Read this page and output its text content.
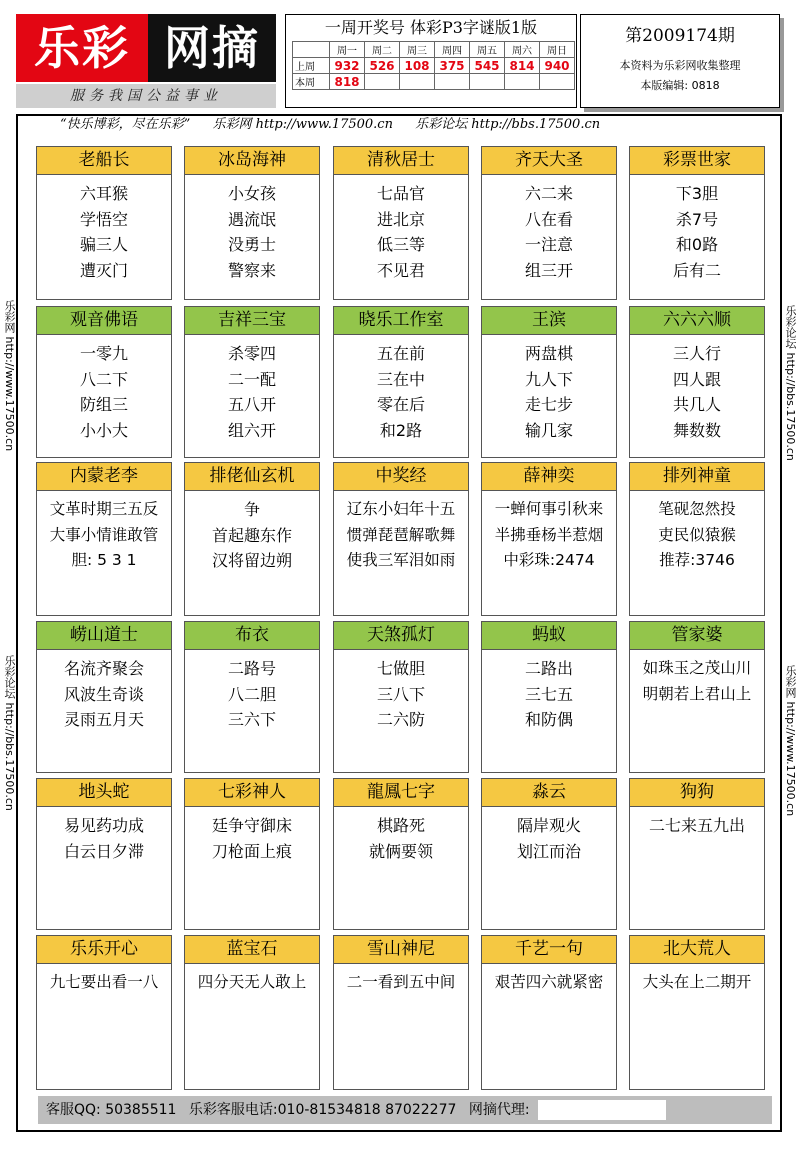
乐彩 网摘
服务我国公益事业
一周开奖号 体彩P3字谜版1版
	周一	周二	周三	周四	周五	周六	周日
上周	932	526	108	375	545	814	940
本周	818						
第2009174期
本资料为乐彩网收集整理
本版编辑: 0818
“快乐博彩，尽在乐彩” 乐彩网 http://www.17500.cn 乐彩论坛 http://bbs.17500.cn
乐彩网 http://www.17500.cn
乐彩论坛 http://bbs.17500.cn
乐彩论坛 http://bbs.17500.cn
乐彩网 http://www.17500.cn
老船长
六耳猴
学悟空
骗三人
遭灭门
冰岛海神
小女孩
遇流氓
没勇士
警察来
清秋居士
七品官
进北京
低三等
不见君
齐天大圣
六二来
八在看
一注意
组三开
彩票世家
下3胆
杀7号
和0路
后有二
观音佛语
一零九
八二下
防组三
小小大
吉祥三宝
杀零四
二一配
五八开
组六开
晓乐工作室
五在前
三在中
零在后
和2路
王滨
两盘棋
九人下
走七步
输几家
六六六顺
三人行
四人跟
共几人
舞数数
内蒙老李
文革时期三五反
大事小情谁敢管
胆: 5 3 1
排佬仙玄机
争
首起趣东作
汉将留边朔
中奖经
辽东小妇年十五
惯弹琵琶解歌舞
使我三军泪如雨
薛神奕
一蝉何事引秋来
半拂垂杨半惹烟
中彩珠:2474
排列神童
笔砚忽然投
吏民似猿猴
推荐:3746
崂山道士
名流齐聚会
风波生奇谈
灵雨五月天
布衣
二路号
八二胆
三六下
天煞孤灯
七做胆
三八下
二六防
蚂蚁
二路出
三七五
和防偶
管家婆
如珠玉之茂山川
明朝若上君山上
地头蛇
易见药功成
白云日夕滞
七彩神人
廷争守御床
刀枪面上痕
龍鳳七字
棋路死
就俩要领
淼云
隔岸观火
划江而治
狗狗
二七来五九出
乐乐开心
九七要出看一八
蓝宝石
四分天无人敢上
雪山神尼
二一看到五中间
千艺一句
艰苦四六就紧密
北大荒人
大头在上二期开
客服QQ: 50385511 乐彩客服电话:010-81534818 87022277 网摘代理:
